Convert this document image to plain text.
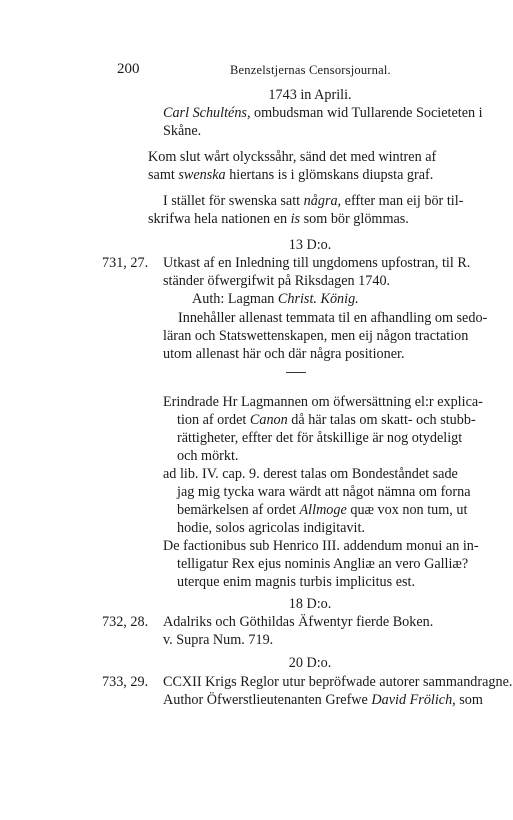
200	Benzelstjernas Censorsjournal.
1743 in Aprili.
Carl Schulténs, ombudsman wid Tullarende Societeten i
Skåne.
Kom slut wårt olyckssåhr, sänd det med wintren af
samt swenska hiertans is i glömskans diupsta graf.
I stället för swenska satt några, effter man eij bör til-
skrifwa hela nationen en is som bör glömmas.
13 D:o.
731, 27. Utkast af en Inledning till ungdomens upfostran, til R.
ständer öfwergifwit på Riksdagen 1740.
Auth: Lagman Christ. König.
Innehåller allenast temmata til en afhandling om sedo-
läran och Statswettenskapen, men eij någon tractation
utom allenast här och där några positioner.
Erindrade Hr Lagmannen om öfwersättning el:r explica-
tion af ordet Canon då här talas om skatt- och stubb-
rättigheter, effter det för åtskillige är nog otydeligt
och mörkt.
ad lib. IV. cap. 9. derest talas om Bondeståndet sade
jag mig tycka wara wärdt att något nämna om forna
bemärkelsen af ordet Allmoge quæ vox non tum, ut
hodie, solos agricolas indigitavit.
De factionibus sub Henrico III. addendum monui an in-
telligatur Rex ejus nominis Angliæ an vero Galliæ?
uterque enim magnis turbis implicitus est.
18 D:o.
732, 28. Adalriks och Göthildas Äfwentyr fierde Boken.
v. Supra Num. 719.
20 D:o.
733, 29. CCXII Krigs Reglor utur bepröfwade autorer sammandragne.
Author Öfwerstlieutenanten Grefwe David Frölich, som
